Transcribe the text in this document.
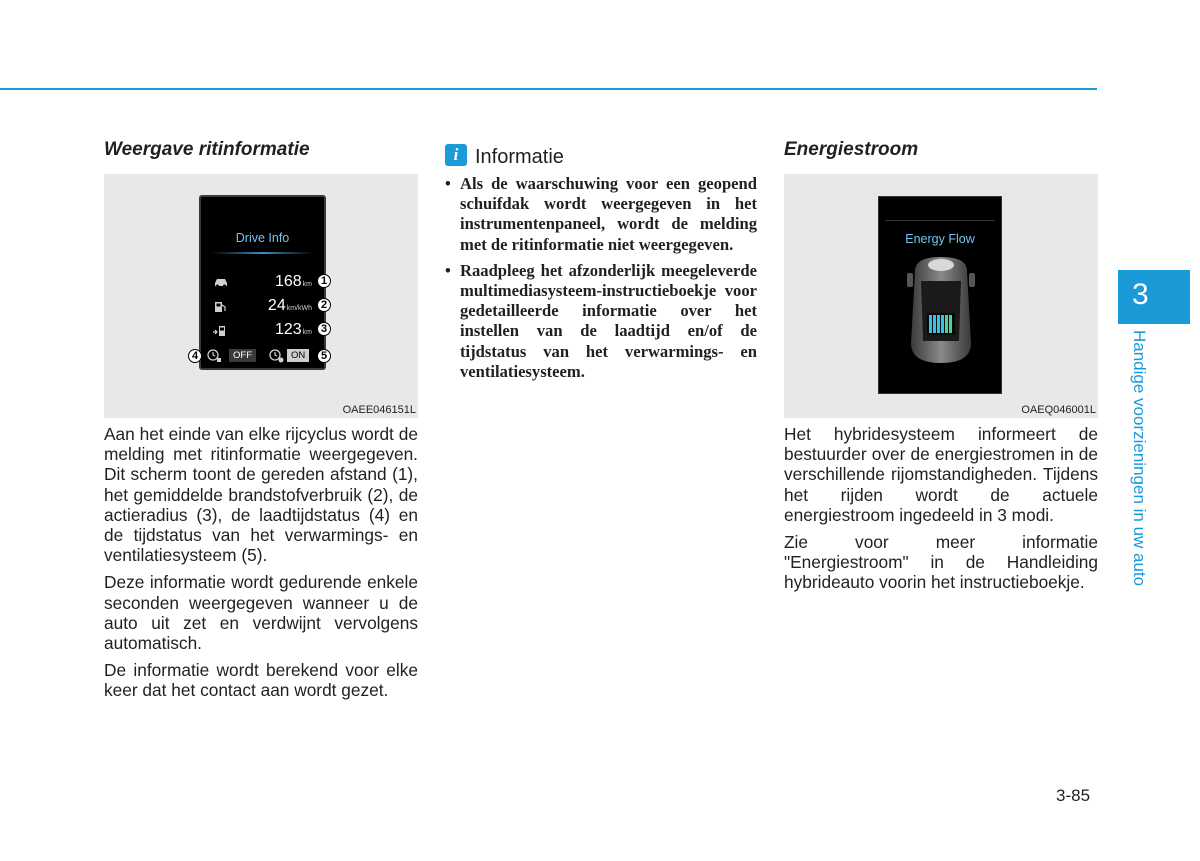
Weergave ritinformatie
Drive Info
168km
24km/kWh
123km
OFF	ON
1
2
3
4	5
OAEE046151L

Aan het einde van elke rijcyclus wordt de melding met ritinformatie weergegeven. Dit scherm toont de gereden afstand (1), het gemiddelde brandstofverbruik (2), de actieradius (3), de laadtijdstatus (4) en de tijdstatus van het verwarmings- en ventilatiesysteem (5).

Deze informatie wordt gedurende enkele seconden weergegeven wanneer u de auto uit zet en verdwijnt vervolgens automatisch.

De informatie wordt berekend voor elke keer dat het contact aan wordt gezet.

i Informatie
• Als de waarschuwing voor een geopend schuifdak wordt weergegeven in het instrumentenpaneel, wordt de melding met de ritinformatie niet weergegeven.
• Raadpleeg het afzonderlijk meegeleverde multimediasysteem-instructieboekje voor gedetailleerde informatie over het instellen van de laadtijd en/of de tijdstatus van het verwarmings- en ventilatiesysteem.
Energiestroom
Energy Flow
OAEQ046001L

Het hybridesysteem informeert de bestuurder over de energiestromen in de verschillende rijomstandigheden. Tijdens het rijden wordt de actuele energiestroom ingedeeld in 3 modi.

Zie voor meer informatie "Energiestroom" in de Handleiding hybrideauto voorin het instructieboekje.

3
Handige voorzieningen in uw auto
3-85
